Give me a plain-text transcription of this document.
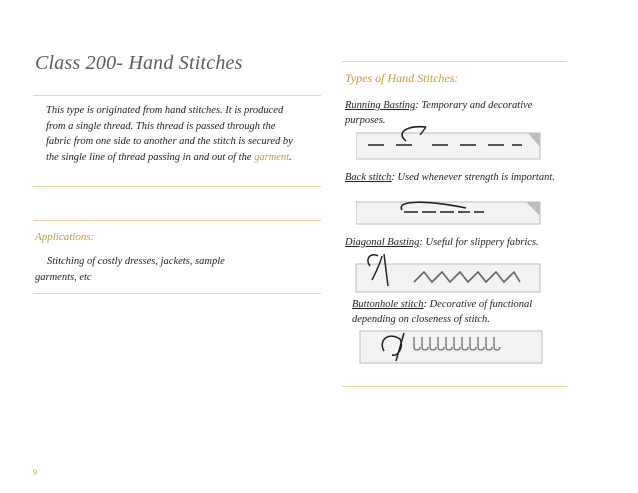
Class 200- Hand Stitches
This type is originated from hand stitches. It is produced from a single thread. This thread is passed through the fabric from one side to another and the stitch is secured by the single line of thread passing in and out of the garment.
Applications:
Stitching of costly dresses, jackets, sample garments, etc
9
Types of Hand Stitches:
Running Basting: Temporary and decorative purposes.
Back stitch: Used whenever strength is important.
Diagonal Basting: Useful for slippery fabrics.
Buttonhole stitch: Decorative of functional depending on closeness of stitch.
